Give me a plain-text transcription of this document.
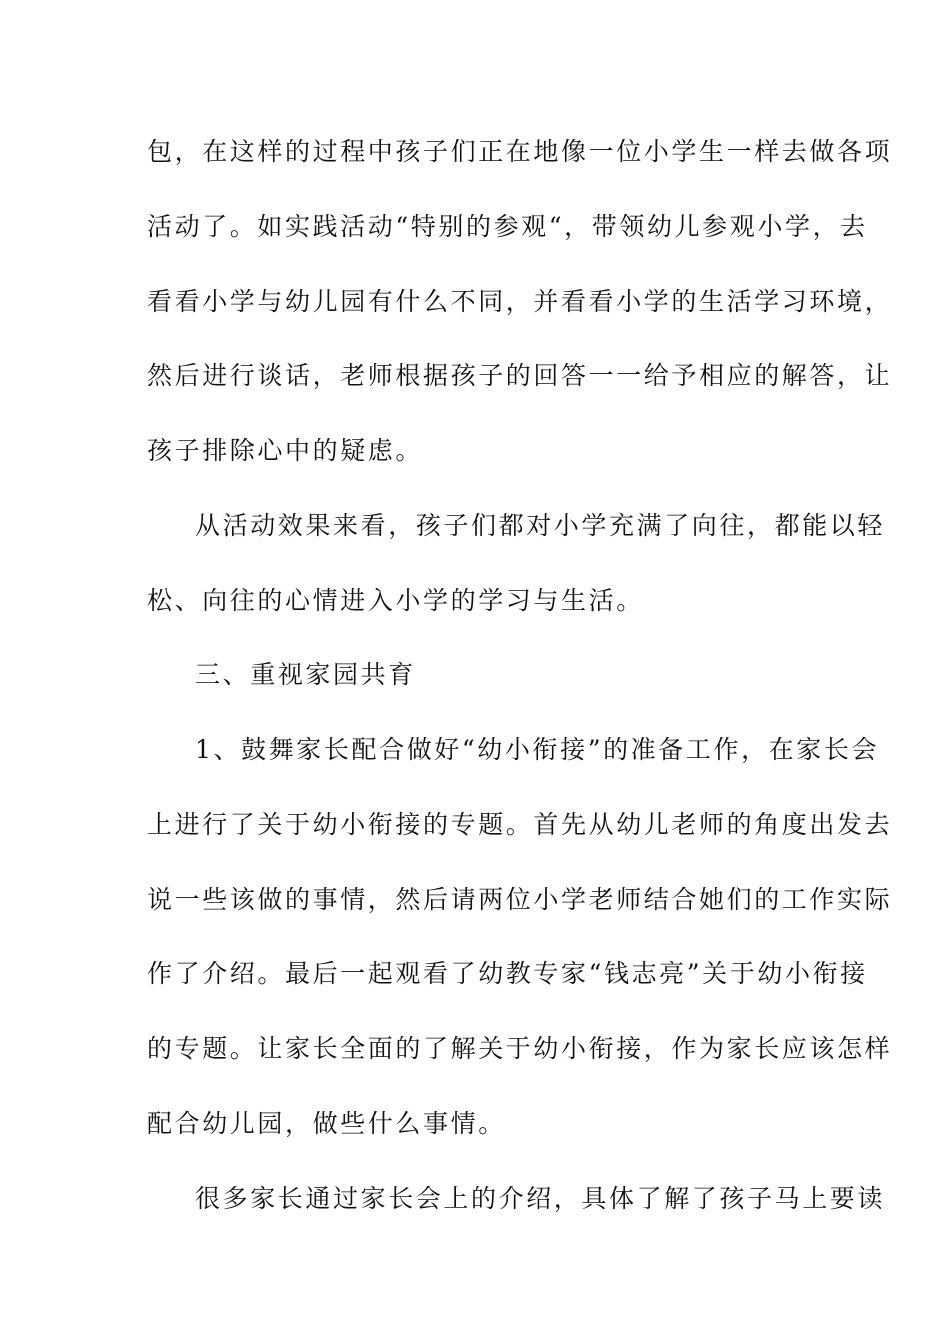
包，在这样的过程中孩子们正在地像一位小学生一样去做各项
活动了。如实践活动“特别的参观“，带领幼儿参观小学，去
看看小学与幼儿园有什么不同，并看看小学的生活学习环境，
然后进行谈话，老师根据孩子的回答一一给予相应的解答，让
孩子排除心中的疑虑。
从活动效果来看，孩子们都对小学充满了向往，都能以轻
松、向往的心情进入小学的学习与生活。
三、重视家园共育
1、鼓舞家长配合做好“幼小衔接”的准备工作，在家长会
上进行了关于幼小衔接的专题。首先从幼儿老师的角度出发去
说一些该做的事情，然后请两位小学老师结合她们的工作实际
作了介绍。最后一起观看了幼教专家“钱志亮”关于幼小衔接
的专题。让家长全面的了解关于幼小衔接，作为家长应该怎样
配合幼儿园，做些什么事情。
很多家长通过家长会上的介绍，具体了解了孩子马上要读
